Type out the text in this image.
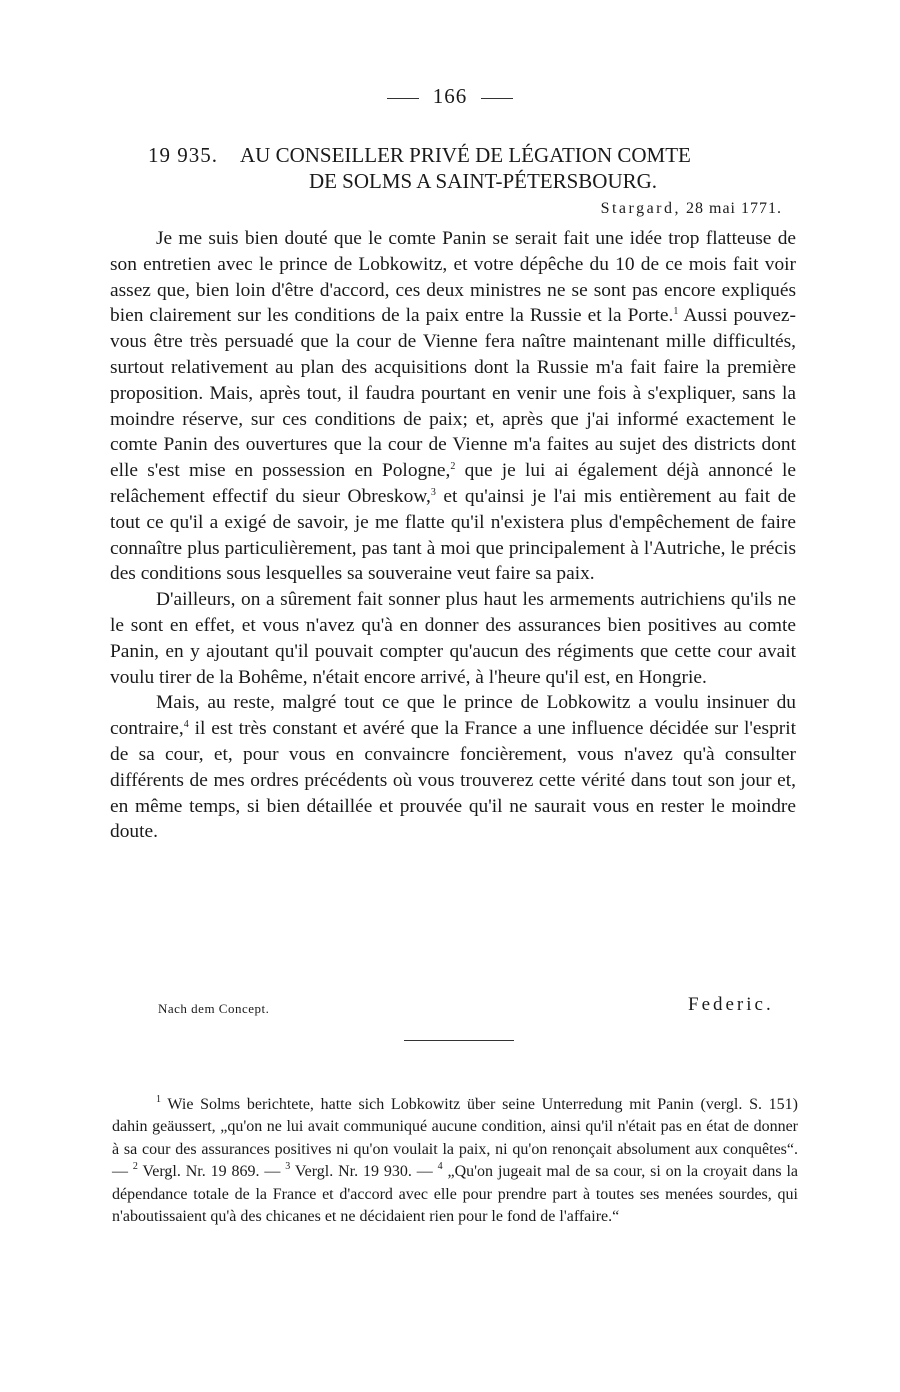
166
19 935. AU CONSEILLER PRIVÉ DE LÉGATION COMTE
DE SOLMS A SAINT-PÉTERSBOURG.
Stargard, 28 mai 1771.

Je me suis bien douté que le comte Panin se serait fait une idée trop flatteuse de son entretien avec le prince de Lobkowitz, et votre dépêche du 10 de ce mois fait voir assez que, bien loin d'être d'accord, ces deux ministres ne se sont pas encore expliqués bien clairement sur les conditions de la paix entre la Russie et la Porte.$^1$ Aussi pouvez-vous être très persuadé que la cour de Vienne fera naître maintenant mille difficultés, surtout relativement au plan des acquisitions dont la Russie m'a fait faire la première proposition. Mais, après tout, il faudra pourtant en venir une fois à s'expliquer, sans la moindre réserve, sur ces conditions de paix; et, après que j'ai informé exactement le comte Panin des ouvertures que la cour de Vienne m'a faites au sujet des districts dont elle s'est mise en possession en Pologne,$^2$ que je lui ai également déjà annoncé le relâchement effectif du sieur Obreskow,$^3$ et qu'ainsi je l'ai mis entièrement au fait de tout ce qu'il a exigé de savoir, je me flatte qu'il n'existera plus d'empêchement de faire connaître plus particulièrement, pas tant à moi que principalement à l'Autriche, le précis des conditions sous lesquelles sa souveraine veut faire sa paix.

D'ailleurs, on a sûrement fait sonner plus haut les armements autrichiens qu'ils ne le sont en effet, et vous n'avez qu'à en donner des assurances bien positives au comte Panin, en y ajoutant qu'il pouvait compter qu'aucun des régiments que cette cour avait voulu tirer de la Bohême, n'était encore arrivé, à l'heure qu'il est, en Hongrie.

Mais, au reste, malgré tout ce que le prince de Lobkowitz a voulu insinuer du contraire,$^4$ il est très constant et avéré que la France a une influence décidée sur l'esprit de sa cour, et, pour vous en convaincre foncièrement, vous n'avez qu'à consulter différents de mes ordres précédents où vous trouverez cette vérité dans tout son jour et, en même temps, si bien détaillée et prouvée qu'il ne saurait vous en rester le moindre doute.

Nach dem Concept.	Federic.

$^1$ Wie Solms berichtete, hatte sich Lobkowitz über seine Unterredung mit Panin (vergl. S. 151) dahin geäussert, „qu'on ne lui avait communiqué aucune condition, ainsi qu'il n'était pas en état de donner à sa cour des assurances positives ni qu'on voulait la paix, ni qu'on renonçait absolument aux conquêtes“. — $^2$ Vergl. Nr. 19 869. — $^3$ Vergl. Nr. 19 930. — $^4$ „Qu'on jugeait mal de sa cour, si on la croyait dans la dépendance totale de la France et d'accord avec elle pour prendre part à toutes ses menées sourdes, qui n'aboutissaient qu'à des chicanes et ne décidaient rien pour le fond de l'affaire.“
